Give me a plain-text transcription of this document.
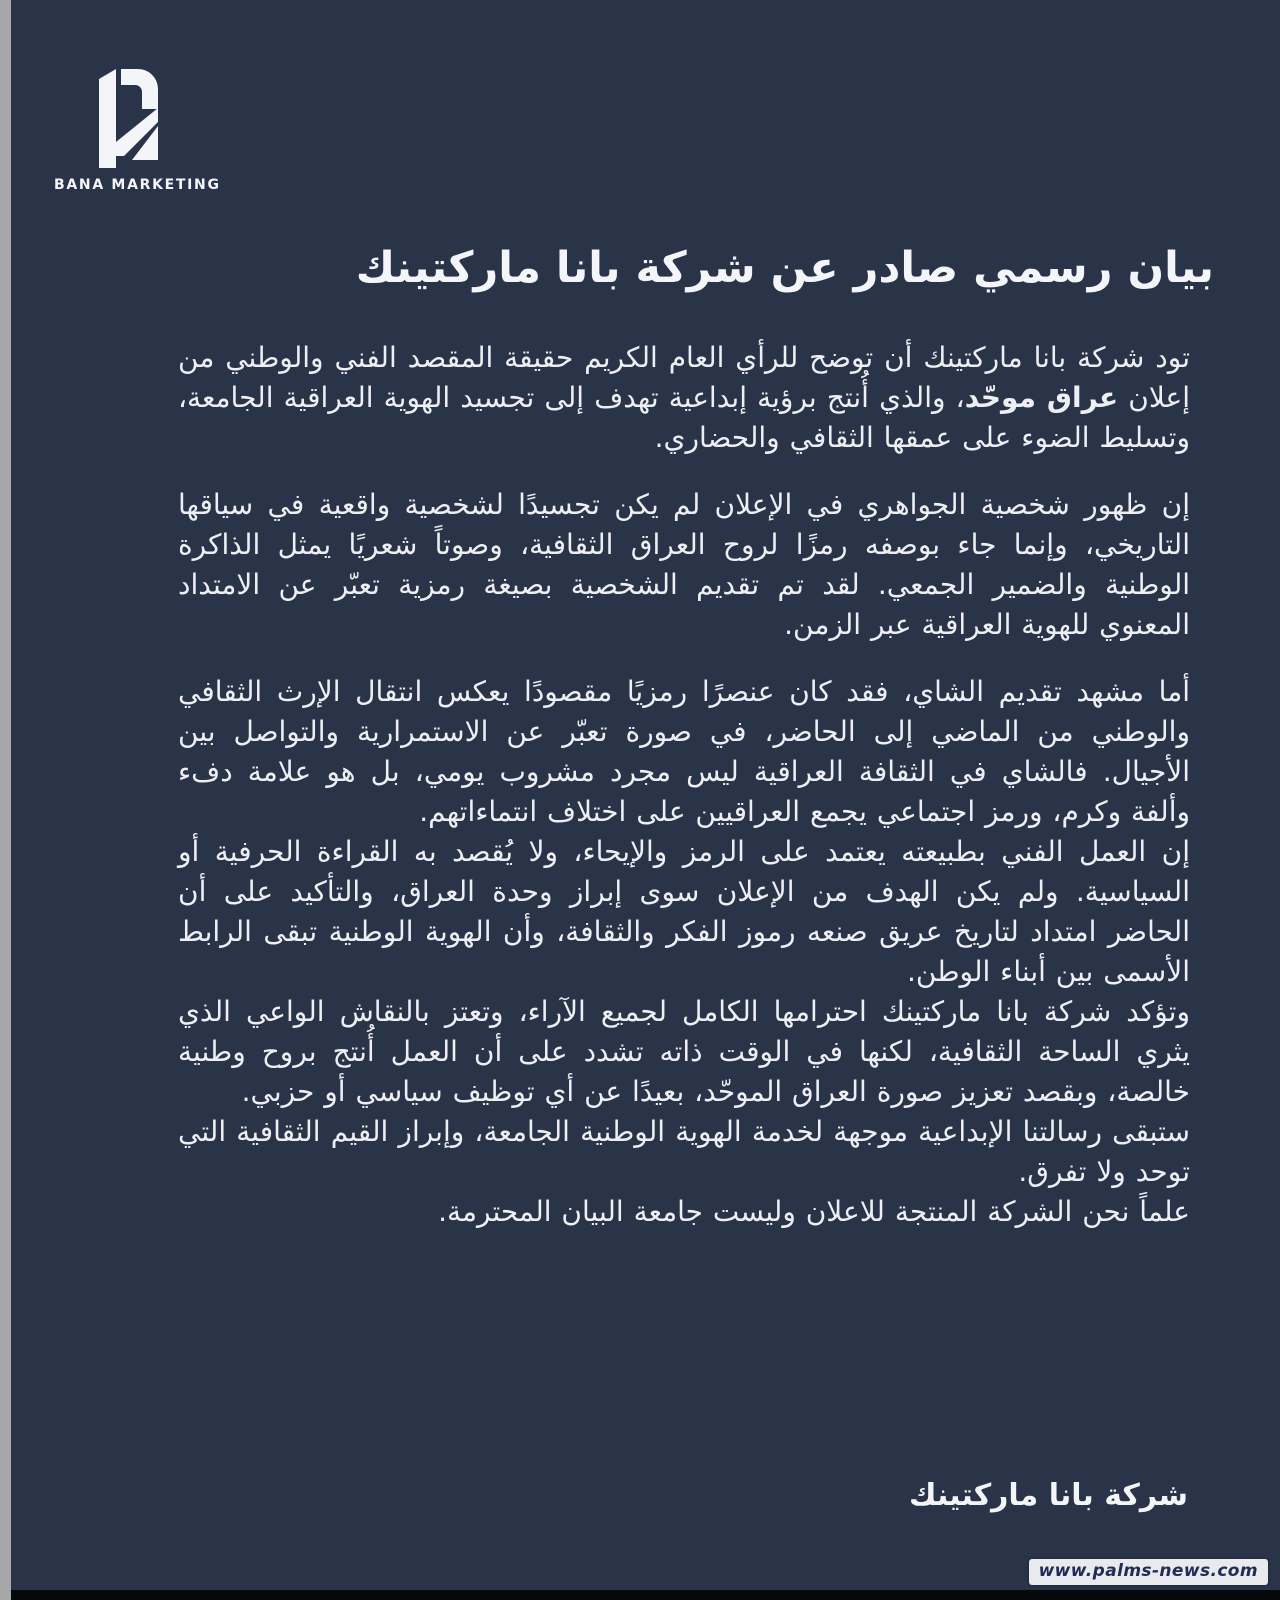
BANA MARKETING
بيان رسمي صادر عن شركة بانا ماركتينك

تود شركة بانا ماركتينك أن توضح للرأي العام الكريم حقيقة المقصد الفني والوطني من إعلان عراق موحّد، والذي أُنتج برؤية إبداعية تهدف إلى تجسيد الهوية العراقية الجامعة، وتسليط الضوء على عمقها الثقافي والحضاري.

إن ظهور شخصية الجواهري في الإعلان لم يكن تجسيدًا لشخصية واقعية في سياقها التاريخي، وإنما جاء بوصفه رمزًا لروح العراق الثقافية، وصوتاً شعريًا يمثل الذاكرة الوطنية والضمير الجمعي. لقد تم تقديم الشخصية بصيغة رمزية تعبّر عن الامتداد المعنوي للهوية العراقية عبر الزمن.

أما مشهد تقديم الشاي، فقد كان عنصرًا رمزيًا مقصودًا يعكس انتقال الإرث الثقافي والوطني من الماضي إلى الحاضر، في صورة تعبّر عن الاستمرارية والتواصل بين الأجيال. فالشاي في الثقافة العراقية ليس مجرد مشروب يومي، بل هو علامة دفء وألفة وكرم، ورمز اجتماعي يجمع العراقيين على اختلاف انتماءاتهم.

إن العمل الفني بطبيعته يعتمد على الرمز والإيحاء، ولا يُقصد به القراءة الحرفية أو السياسية. ولم يكن الهدف من الإعلان سوى إبراز وحدة العراق، والتأكيد على أن الحاضر امتداد لتاريخ عريق صنعه رموز الفكر والثقافة، وأن الهوية الوطنية تبقى الرابط الأسمى بين أبناء الوطن.

وتؤكد شركة بانا ماركتينك احترامها الكامل لجميع الآراء، وتعتز بالنقاش الواعي الذي يثري الساحة الثقافية، لكنها في الوقت ذاته تشدد على أن العمل أُنتج بروح وطنية خالصة، وبقصد تعزيز صورة العراق الموحّد، بعيدًا عن أي توظيف سياسي أو حزبي.

ستبقى رسالتنا الإبداعية موجهة لخدمة الهوية الوطنية الجامعة، وإبراز القيم الثقافية التي توحد ولا تفرق.

علماً نحن الشركة المنتجة للاعلان وليست جامعة البيان المحترمة.

شركة بانا ماركتينك
www.palms-news.com
